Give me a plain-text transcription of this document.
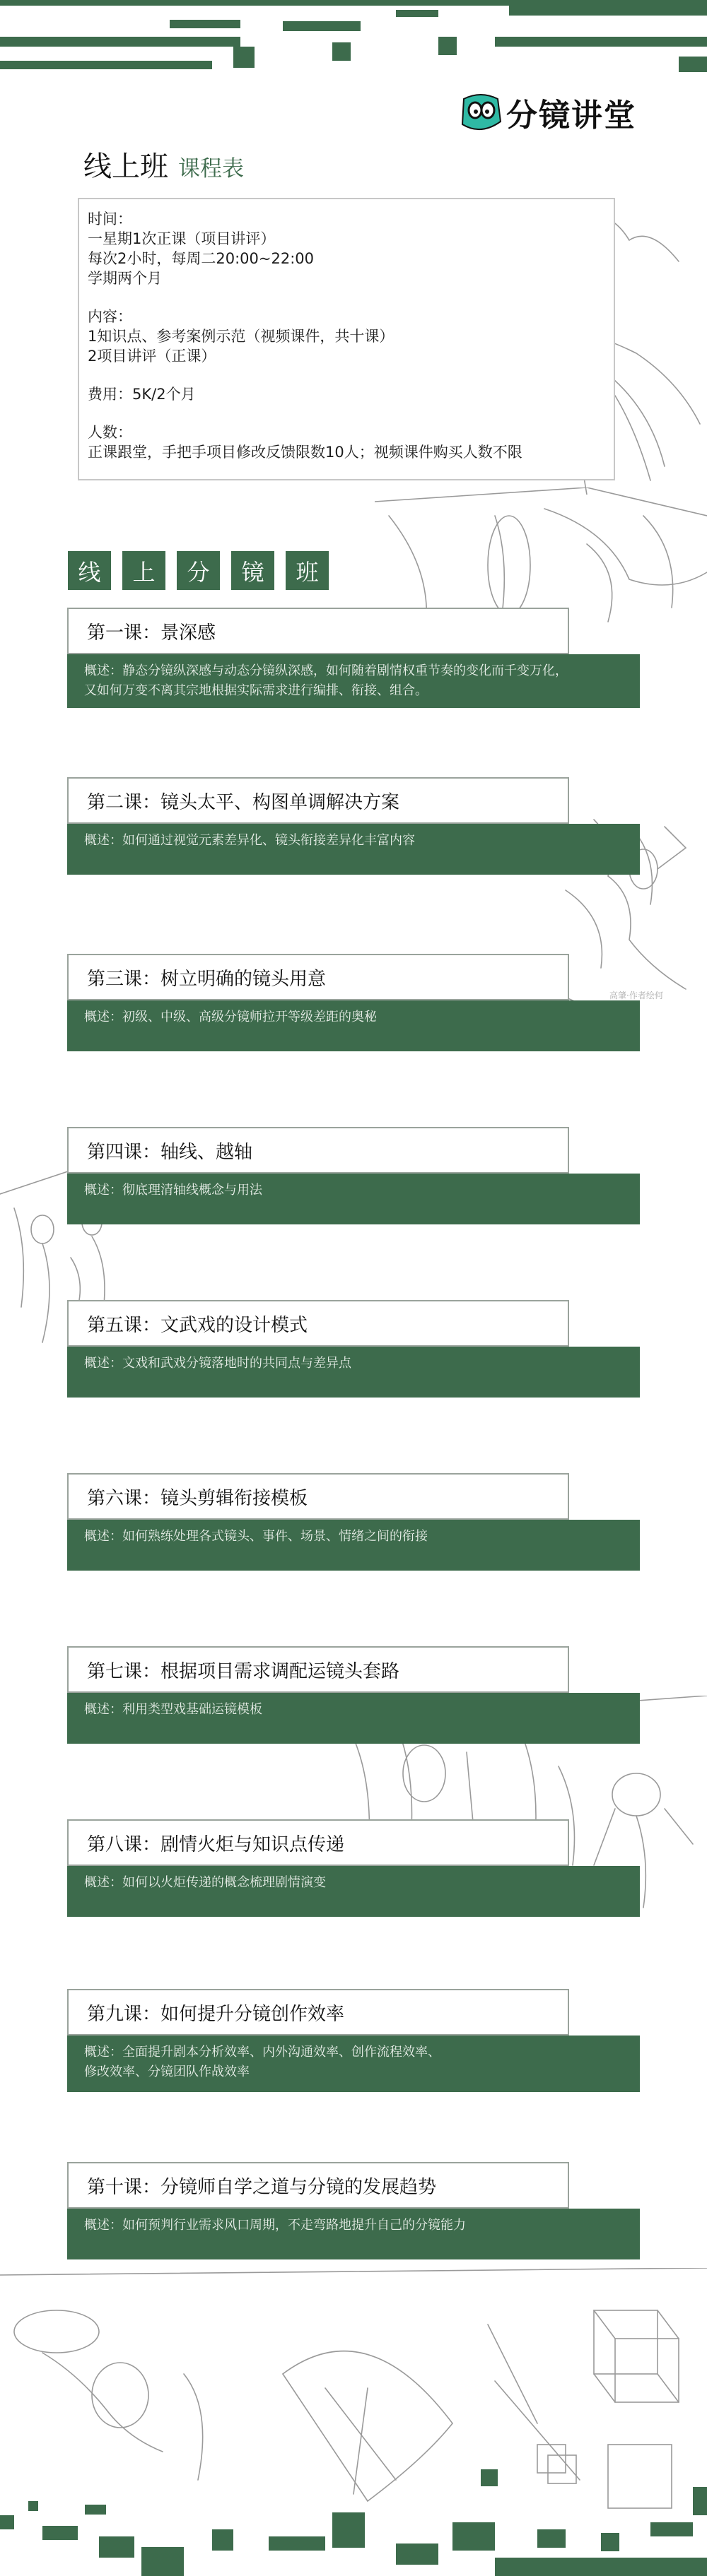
分镜讲堂
线上班 课程表

时间：
一星期1次正课（项目讲评）
每次2小时，每周二20:00~22:00
学期两个月

内容：
1知识点、参考案例示范（视频课件，共十课）
2项目讲评（正课）

费用：5K/2个月

人数：
正课跟堂，手把手项目修改反馈限数10人；视频课件购买人数不限

线	上	分	镜	班
高肇·作者绘何
第一课：景深感
概述：静态分镜纵深感与动态分镜纵深感，如何随着剧情权重节奏的变化而千变万化，
又如何万变不离其宗地根据实际需求进行编排、衔接、组合。
第二课：镜头太平、构图单调解决方案
概述：如何通过视觉元素差异化、镜头衔接差异化丰富内容
第三课：树立明确的镜头用意
概述：初级、中级、高级分镜师拉开等级差距的奥秘
第四课：轴线、越轴
概述：彻底理清轴线概念与用法
第五课：文武戏的设计模式
概述：文戏和武戏分镜落地时的共同点与差异点
第六课：镜头剪辑衔接模板
概述：如何熟练处理各式镜头、事件、场景、情绪之间的衔接
第七课：根据项目需求调配运镜头套路
概述：利用类型戏基础运镜模板
第八课：剧情火炬与知识点传递
概述：如何以火炬传递的概念梳理剧情演变
第九课：如何提升分镜创作效率
概述：全面提升剧本分析效率、内外沟通效率、创作流程效率、
修改效率、分镜团队作战效率
第十课：分镜师自学之道与分镜的发展趋势
概述：如何预判行业需求风口周期，不走弯路地提升自己的分镜能力
